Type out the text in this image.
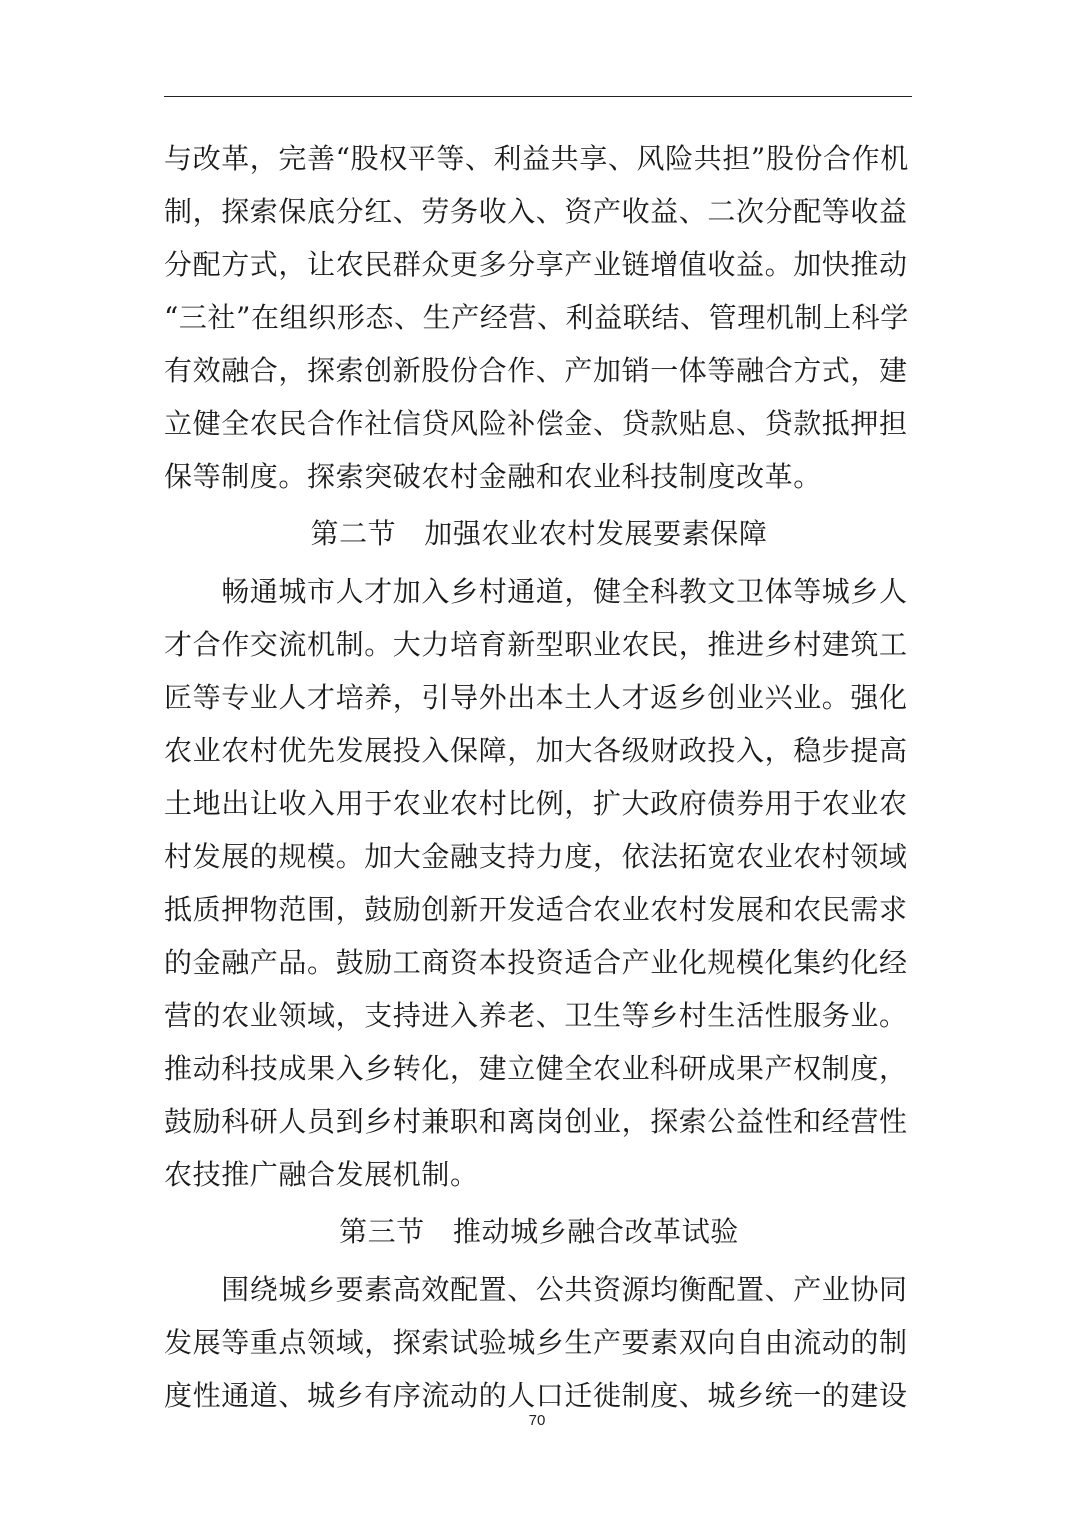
与改革，完善“股权平等、利益共享、风险共担”股份合作机
制，探索保底分红、劳务收入、资产收益、二次分配等收益
分配方式，让农民群众更多分享产业链增值收益。加快推动
“三社”在组织形态、生产经营、利益联结、管理机制上科学
有效融合，探索创新股份合作、产加销一体等融合方式，建
立健全农民合作社信贷风险补偿金、贷款贴息、贷款抵押担
保等制度。探索突破农村金融和农业科技制度改革。
第二节 加强农业农村发展要素保障
　　畅通城市人才加入乡村通道，健全科教文卫体等城乡人
才合作交流机制。大力培育新型职业农民，推进乡村建筑工
匠等专业人才培养，引导外出本土人才返乡创业兴业。强化
农业农村优先发展投入保障，加大各级财政投入，稳步提高
土地出让收入用于农业农村比例，扩大政府债券用于农业农
村发展的规模。加大金融支持力度，依法拓宽农业农村领域
抵质押物范围，鼓励创新开发适合农业农村发展和农民需求
的金融产品。鼓励工商资本投资适合产业化规模化集约化经
营的农业领域，支持进入养老、卫生等乡村生活性服务业。
推动科技成果入乡转化，建立健全农业科研成果产权制度，
鼓励科研人员到乡村兼职和离岗创业，探索公益性和经营性
农技推广融合发展机制。
第三节 推动城乡融合改革试验
　　围绕城乡要素高效配置、公共资源均衡配置、产业协同
发展等重点领域，探索试验城乡生产要素双向自由流动的制
度性通道、城乡有序流动的人口迁徙制度、城乡统一的建设
70
